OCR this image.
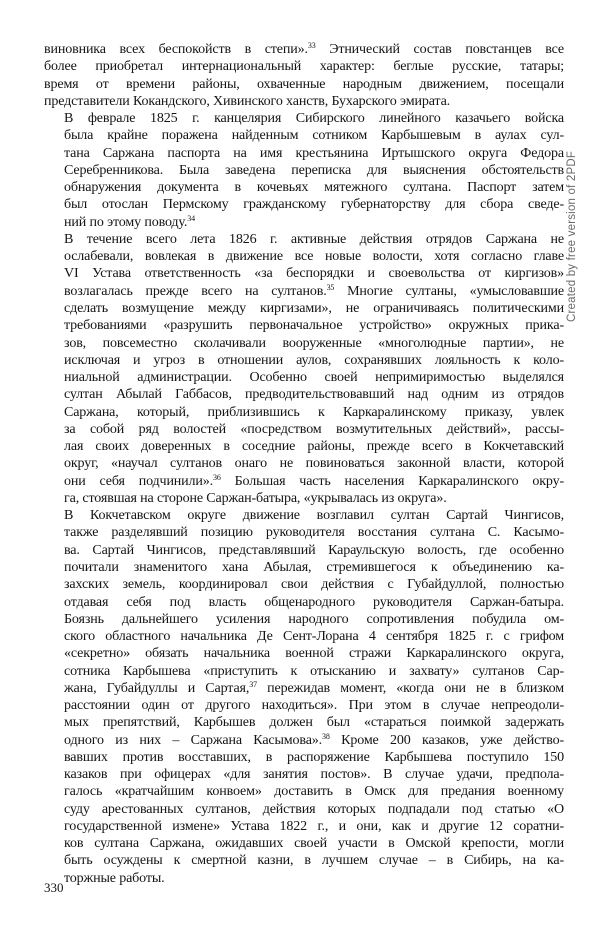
виновника всех беспокойств в степи».$^{33}$ Этнический состав повстанцев все
более приобретал интернациональный характер: беглые русские, татары;
время от времени районы, охваченные народным движением, посещали
представители Кокандского, Хивинского ханств, Бухарского эмирата.

В феврале 1825 г. канцелярия Сибирского линейного казачьего войска
была крайне поражена найденным сотником Карбышевым в аулах сул-
тана Саржана паспорта на имя крестьянина Иртышского округа Федора
Серебренникова. Была заведена переписка для выяснения обстоятельств
обнаружения документа в кочевьях мятежного султана. Паспорт затем
был отослан Пермскому гражданскому губернаторству для сбора сведе-
ний по этому поводу.$^{34}$

В течение всего лета 1826 г. активные действия отрядов Саржана не
ослабевали, вовлекая в движение все новые волости, хотя согласно главе
VI Устава ответственность «за беспорядки и своевольства от киргизов»
возлагалась прежде всего на султанов.$^{35}$ Многие султаны, «умысловавшие
сделать возмущение между киргизами», не ограничиваясь политическими
требованиями «разрушить первоначальное устройство» окружных прика-
зов, повсеместно сколачивали вооруженные «многолюдные партии», не
исключая и угроз в отношении аулов, сохранявших лояльность к коло-
ниальной администрации. Особенно своей непримиримостью выделялся
султан Абылай Габбасов, предводительствовавший над одним из отрядов
Саржана, который, приблизившись к Каркаралинскому приказу, увлек
за собой ряд волостей «посредством возмутительных действий», рассы-
лая своих доверенных в соседние районы, прежде всего в Кокчетавский
округ, «научал султанов онаго не повиноваться законной власти, которой
они себя подчинили».$^{36}$ Большая часть населения Каркаралинского окру-
га, стоявшая на стороне Саржан-батыра, «укрывалась из округа».

В Кокчетавском округе движение возглавил султан Сартай Чингисов,
также разделявший позицию руководителя восстания султана С. Касымо-
ва. Сартай Чингисов, представлявший Караульскую волость, где особенно
почитали знаменитого хана Абылая, стремившегося к объединению ка-
захских земель, координировал свои действия с Губайдуллой, полностью
отдавая себя под власть общенародного руководителя Саржан-батыра.
Боязнь дальнейшего усиления народного сопротивления побудила ом-
ского областного начальника Де Сент-Лорана 4 сентября 1825 г. с грифом
«секретно» обязать начальника военной стражи Каркаралинского округа,
сотника Карбышева «приступить к отысканию и захвату» султанов Сар-
жана, Губайдуллы и Сартая,$^{37}$ пережидав момент, «когда они не в близком
расстоянии один от другого находиться». При этом в случае непреодоли-
мых препятствий, Карбышев должен был «стараться поимкой задержать
одного из них – Саржана Касымова».$^{38}$ Кроме 200 казаков, уже действо-
вавших против восставших, в распоряжение Карбышева поступило 150
казаков при офицерах «для занятия постов». В случае удачи, предпола-
галось «кратчайшим конвоем» доставить в Омск для предания военному
суду арестованных султанов, действия которых подпадали под статью «О
государственной измене» Устава 1822 г., и они, как и другие 12 соратни-
ков султана Саржана, ожидавших своей участи в Омской крепости, могли
быть осуждены к смертной казни, в лучшем случае – в Сибирь, на ка-
торжные работы.

330
Created by free version of 2PDF
